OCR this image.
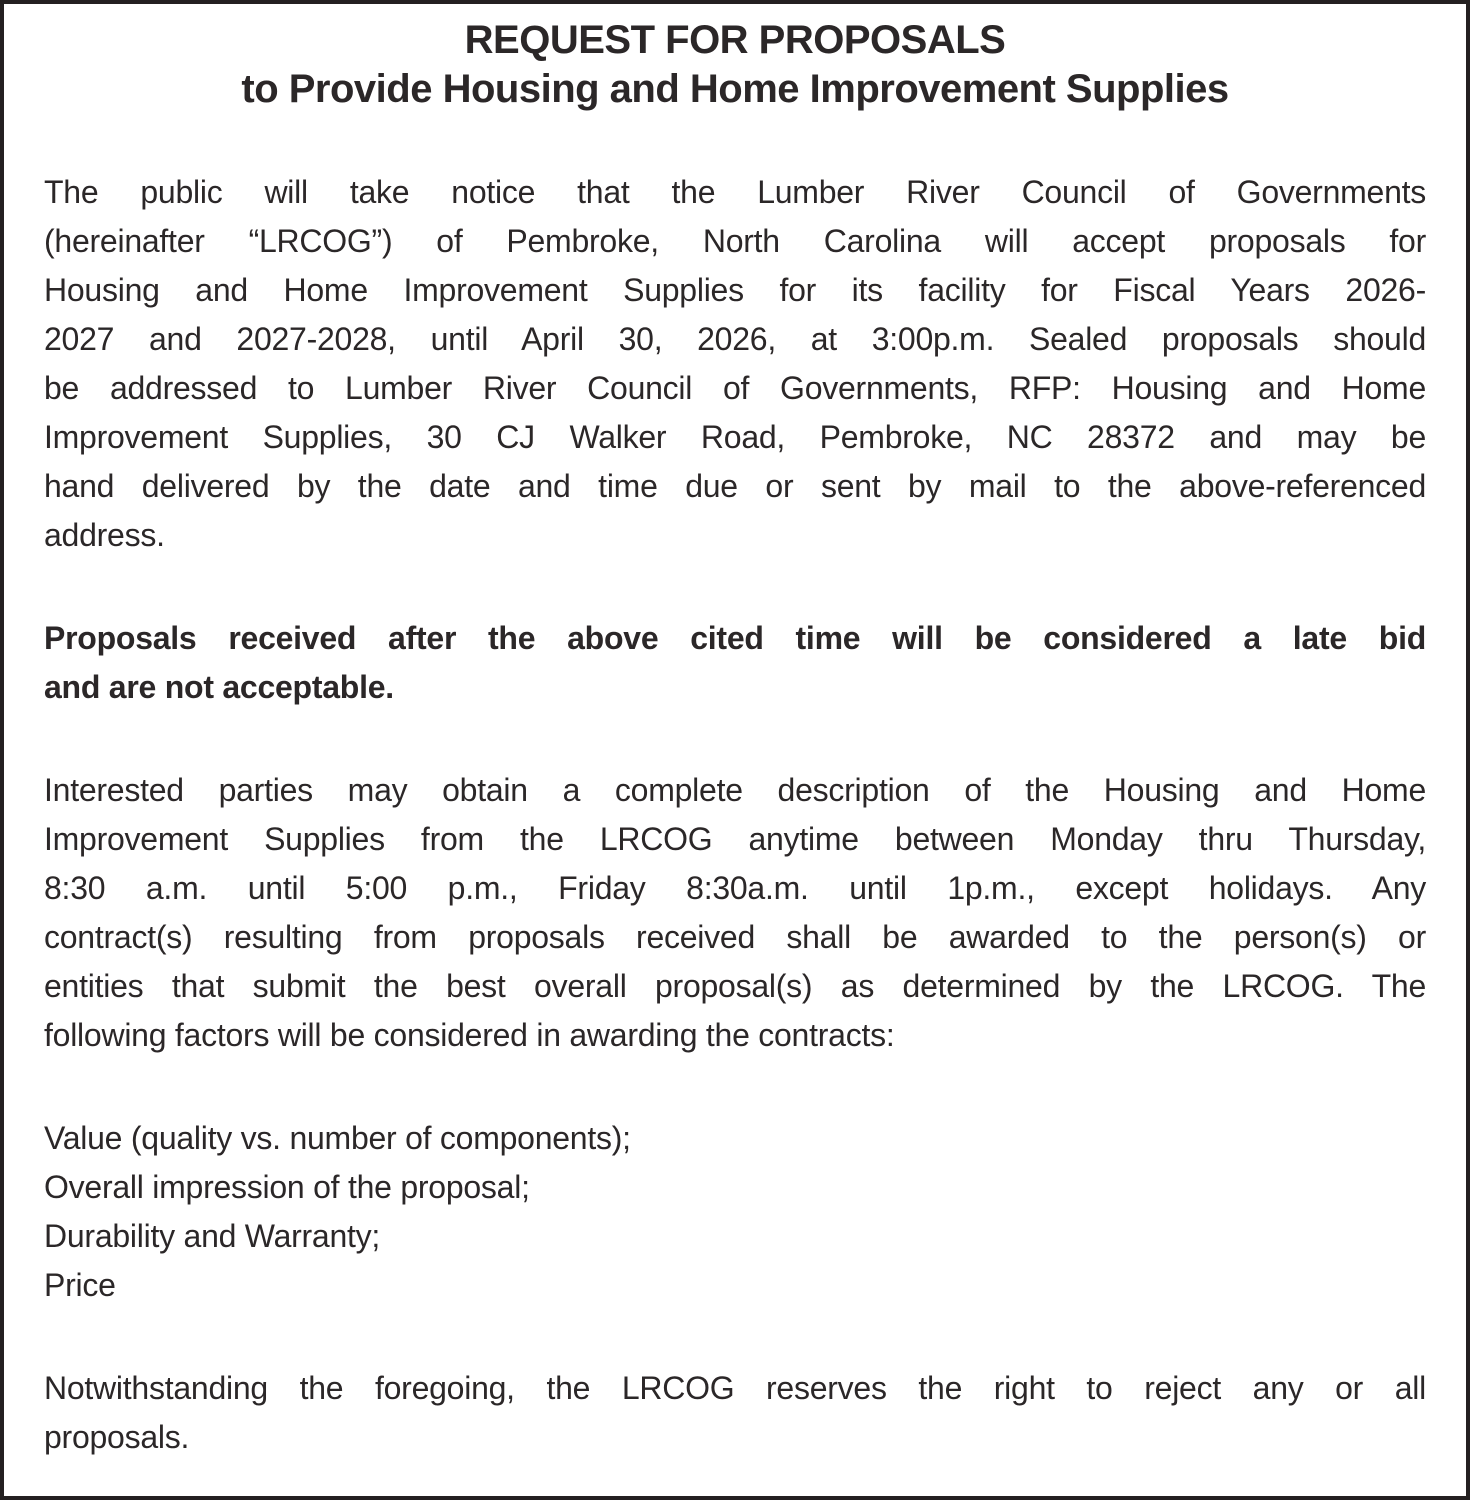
REQUEST FOR PROPOSALS
to Provide Housing and Home Improvement Supplies
The public will take notice that the Lumber River Council of Governments
(hereinafter “LRCOG”) of Pembroke, North Carolina will accept proposals for
Housing and Home Improvement Supplies for its facility for Fiscal Years 2026-
2027 and 2027-2028, until April 30, 2026, at 3:00p.m. Sealed proposals should
be addressed to Lumber River Council of Governments, RFP: Housing and Home
Improvement Supplies, 30 CJ Walker Road, Pembroke, NC 28372 and may be
hand delivered by the date and time due or sent by mail to the above-referenced
address.
Proposals received after the above cited time will be considered a late bid
and are not acceptable.
Interested parties may obtain a complete description of the Housing and Home
Improvement Supplies from the LRCOG anytime between Monday thru Thursday,
8:30 a.m. until 5:00 p.m., Friday 8:30a.m. until 1p.m., except holidays. Any
contract(s) resulting from proposals received shall be awarded to the person(s) or
entities that submit the best overall proposal(s) as determined by the LRCOG. The
following factors will be considered in awarding the contracts:
Value (quality vs. number of components);
Overall impression of the proposal;
Durability and Warranty;
Price
Notwithstanding the foregoing, the LRCOG reserves the right to reject any or all
proposals.
